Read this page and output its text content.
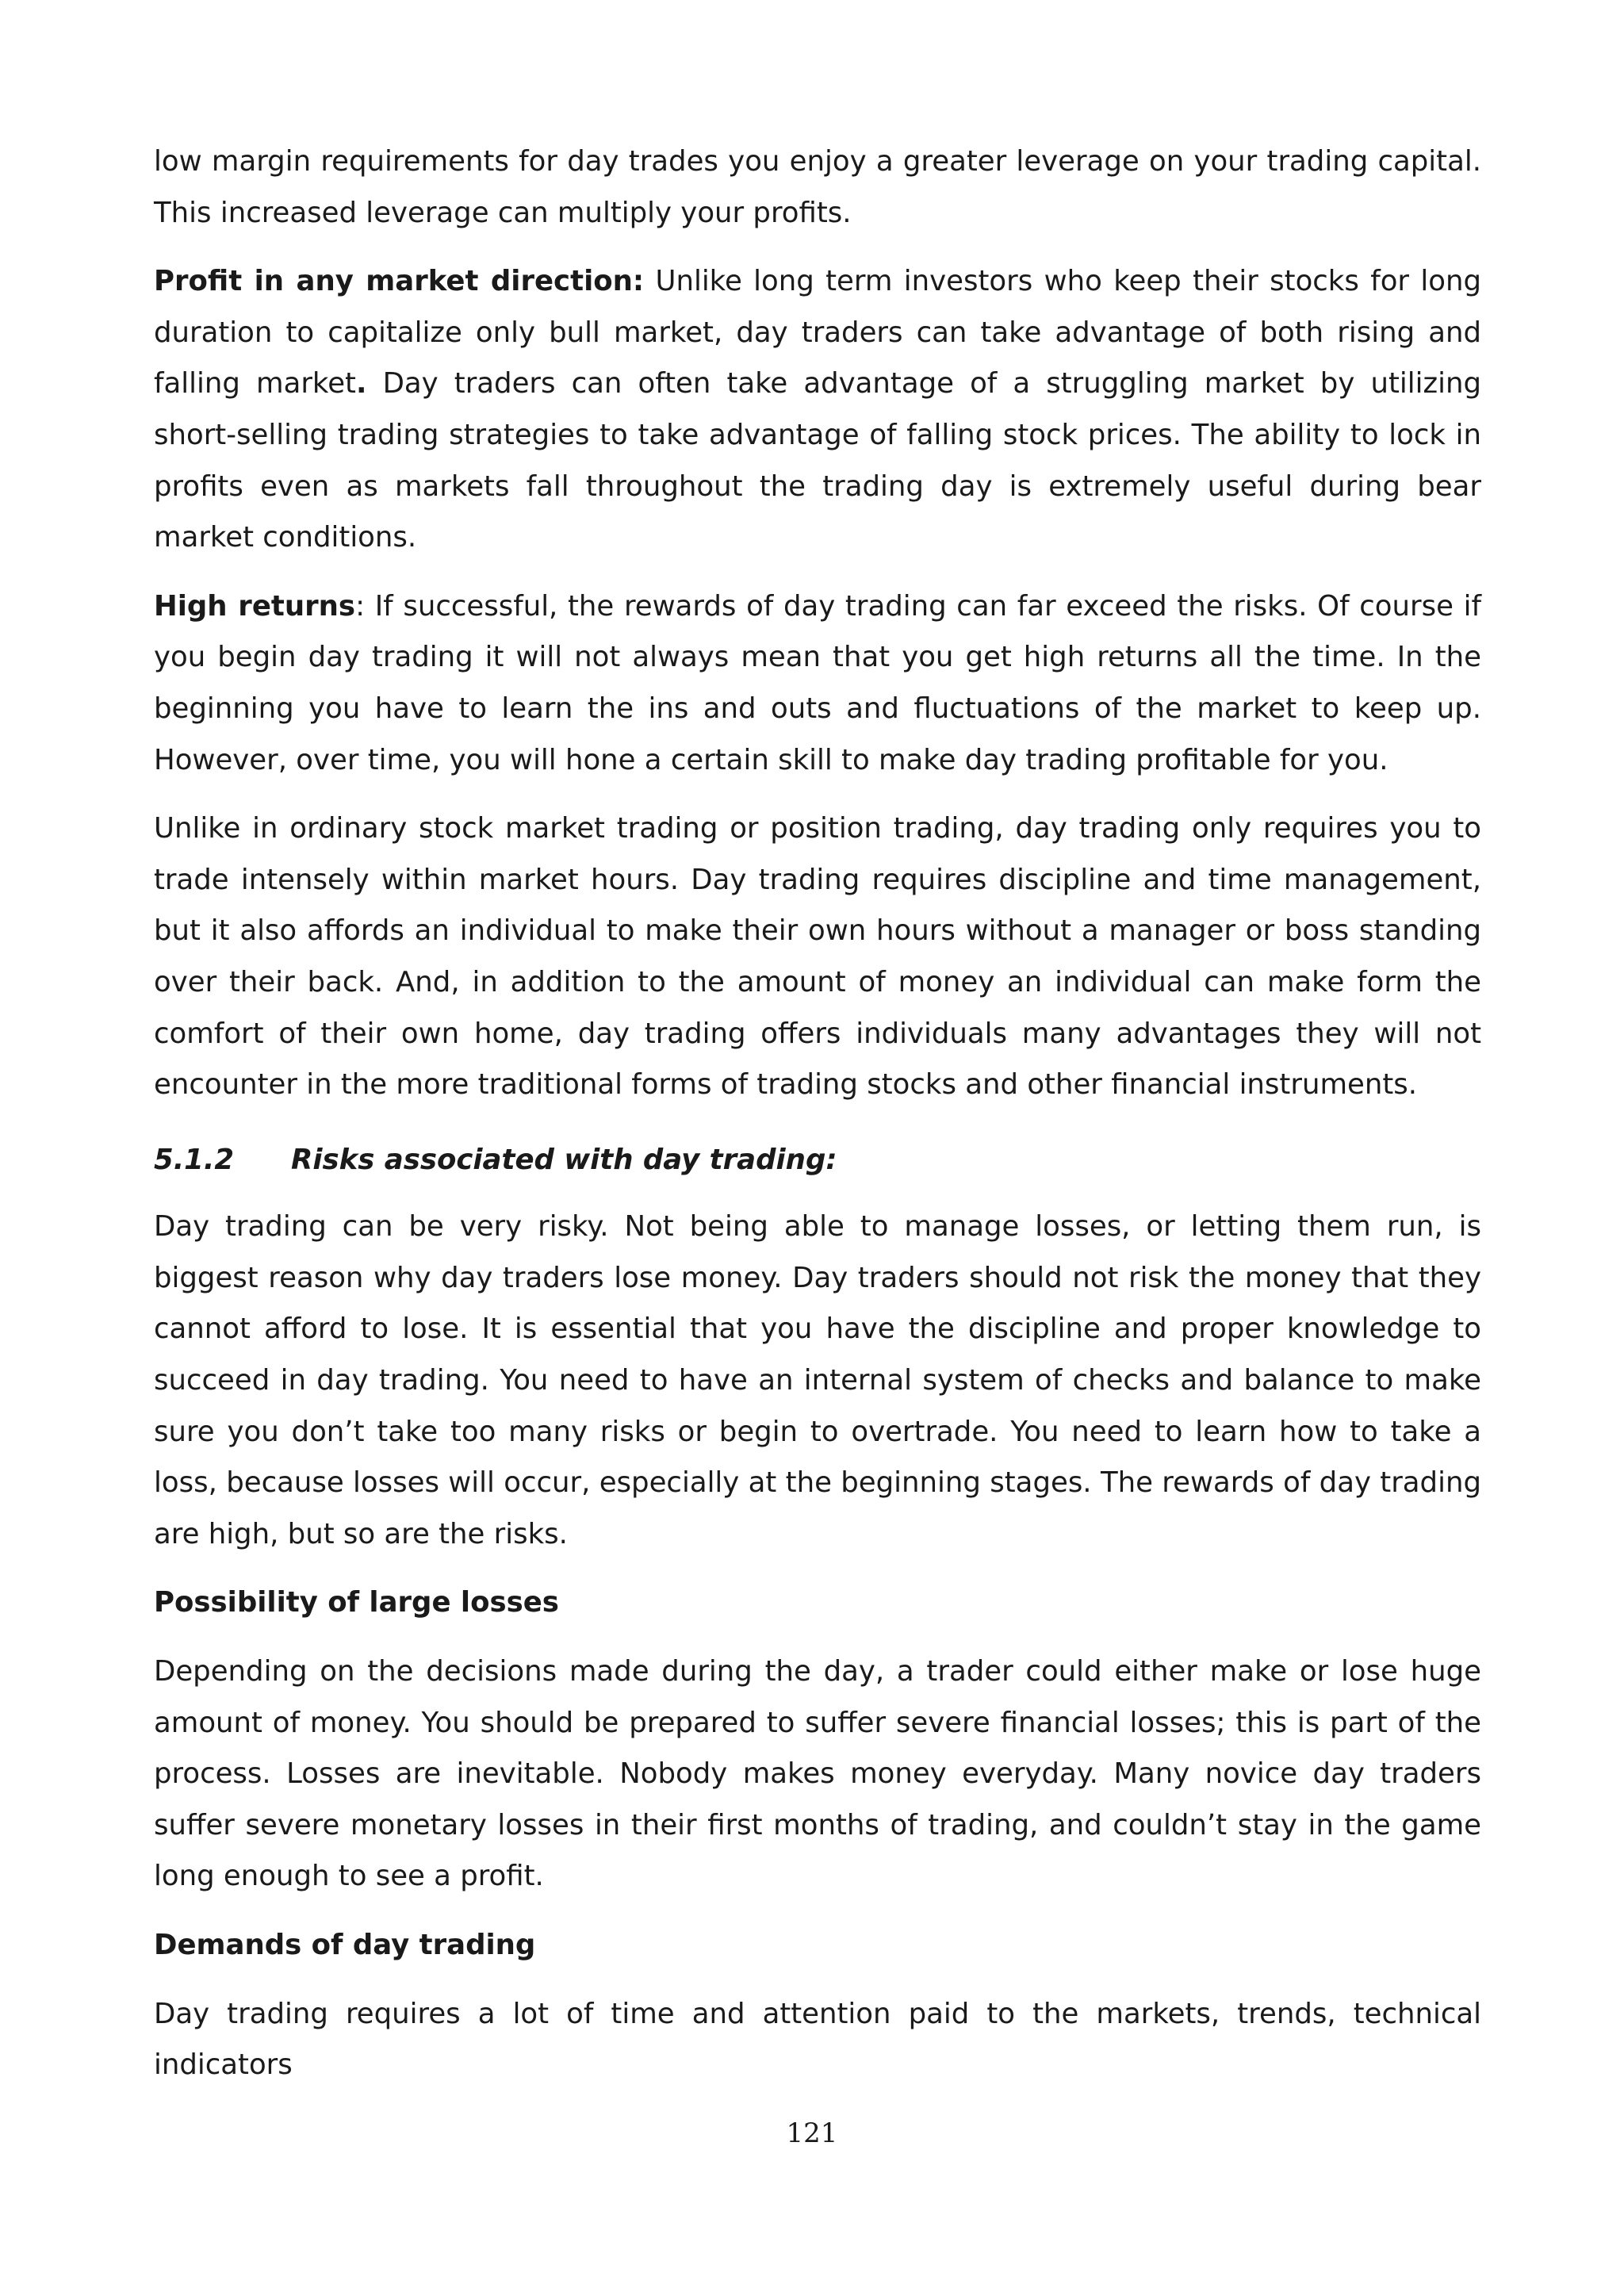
low margin requirements for day trades you enjoy a greater leverage on your trading capital. This increased leverage can multiply your profits.

Profit in any market direction: Unlike long term investors who keep their stocks for long duration to capitalize only bull market, day traders can take advantage of both rising and falling market. Day traders can often take advantage of a struggling market by utilizing short-selling trading strategies to take advantage of falling stock prices. The ability to lock in profits even as markets fall throughout the trading day is extremely useful during bear market conditions.

High returns: If successful, the rewards of day trading can far exceed the risks. Of course if you begin day trading it will not always mean that you get high returns all the time. In the beginning you have to learn the ins and outs and fluctuations of the market to keep up. However, over time, you will hone a certain skill to make day trading profitable for you.

Unlike in ordinary stock market trading or position trading, day trading only requires you to trade intensely within market hours. Day trading requires discipline and time management, but it also affords an individual to make their own hours without a manager or boss standing over their back. And, in addition to the amount of money an individual can make form the comfort of their own home, day trading offers individuals many advantages they will not encounter in the more traditional forms of trading stocks and other financial instruments.

5.1.2 Risks associated with day trading:

Day trading can be very risky. Not being able to manage losses, or letting them run, is biggest reason why day traders lose money. Day traders should not risk the money that they cannot afford to lose. It is essential that you have the discipline and proper knowledge to succeed in day trading. You need to have an internal system of checks and balance to make sure you don’t take too many risks or begin to overtrade. You need to learn how to take a loss, because losses will occur, especially at the beginning stages. The rewards of day trading are high, but so are the risks.

Possibility of large losses

Depending on the decisions made during the day, a trader could either make or lose huge amount of money. You should be prepared to suffer severe financial losses; this is part of the process. Losses are inevitable. Nobody makes money everyday. Many novice day traders suffer severe monetary losses in their first months of trading, and couldn’t stay in the game long enough to see a profit.

Demands of day trading

Day trading requires a lot of time and attention paid to the markets, trends, technical indicators

121
